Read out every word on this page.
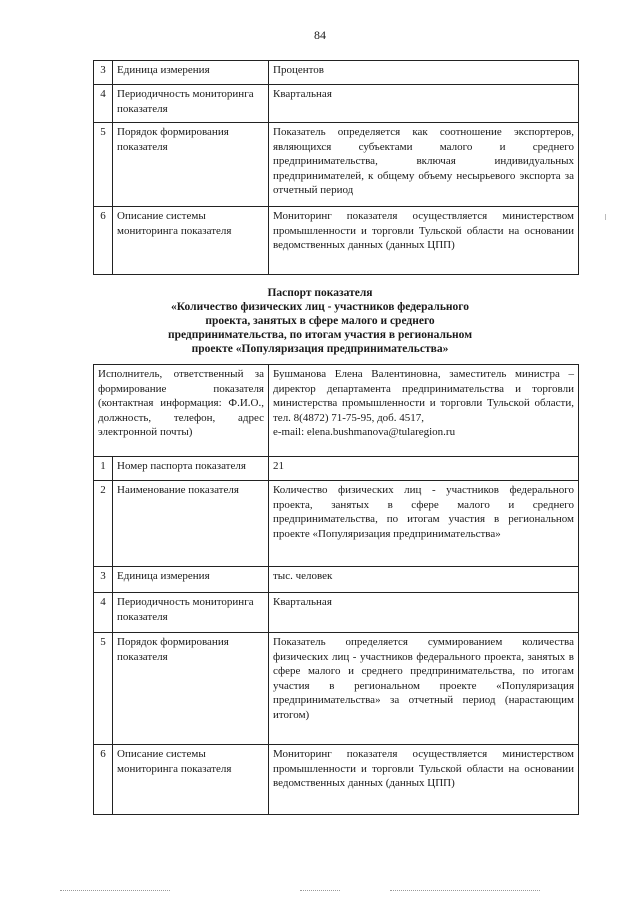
84
3	Единица измерения	Процентов
4	Периодичность мониторинга показателя	Квартальная
5	Порядок формирования показателя	Показатель определяется как соотношение экспортеров, являющихся субъектами малого и среднего предпринимательства, включая индивидуальных предпринимателей, к общему объему несырьевого экспорта за отчетный период
6	Описание системы мониторинга показателя	Мониторинг показателя осуществляется министерством промышленности и торговли Тульской области на основании ведомственных данных (данных ЦПП)
Паспорт показателя
«Количество физических лиц - участников федерального
проекта, занятых в сфере малого и среднего
предпринимательства, по итогам участия в региональном
проекте «Популяризация предпринимательства»
Исполнитель, ответственный за формирование показателя (контактная информация: Ф.И.О., должность, телефон, адрес электронной почты)		Бушманова Елена Валентиновна, заместитель министра – директор департамента предпринимательства и торговли министерства промышленности и торговли Тульской области, тел. 8(4872) 71-75-95, доб. 4517,
e-mail: elena.bushmanova@tularegion.ru
1	Номер паспорта показателя	21
2	Наименование показателя	Количество физических лиц - участников федерального проекта, занятых в сфере малого и среднего предпринимательства, по итогам участия в региональном проекте «Популяризация предпринимательства»
3	Единица измерения	тыс. человек
4	Периодичность мониторинга показателя	Квартальная
5	Порядок формирования показателя	Показатель определяется суммированием количества физических лиц - участников федерального проекта, занятых в сфере малого и среднего предпринимательства, по итогам участия в региональном проекте «Популяризация предпринимательства» за отчетный период (нарастающим итогом)
6	Описание системы мониторинга показателя	Мониторинг показателя осуществляется министерством промышленности и торговли Тульской области на основании ведомственных данных (данных ЦПП)
